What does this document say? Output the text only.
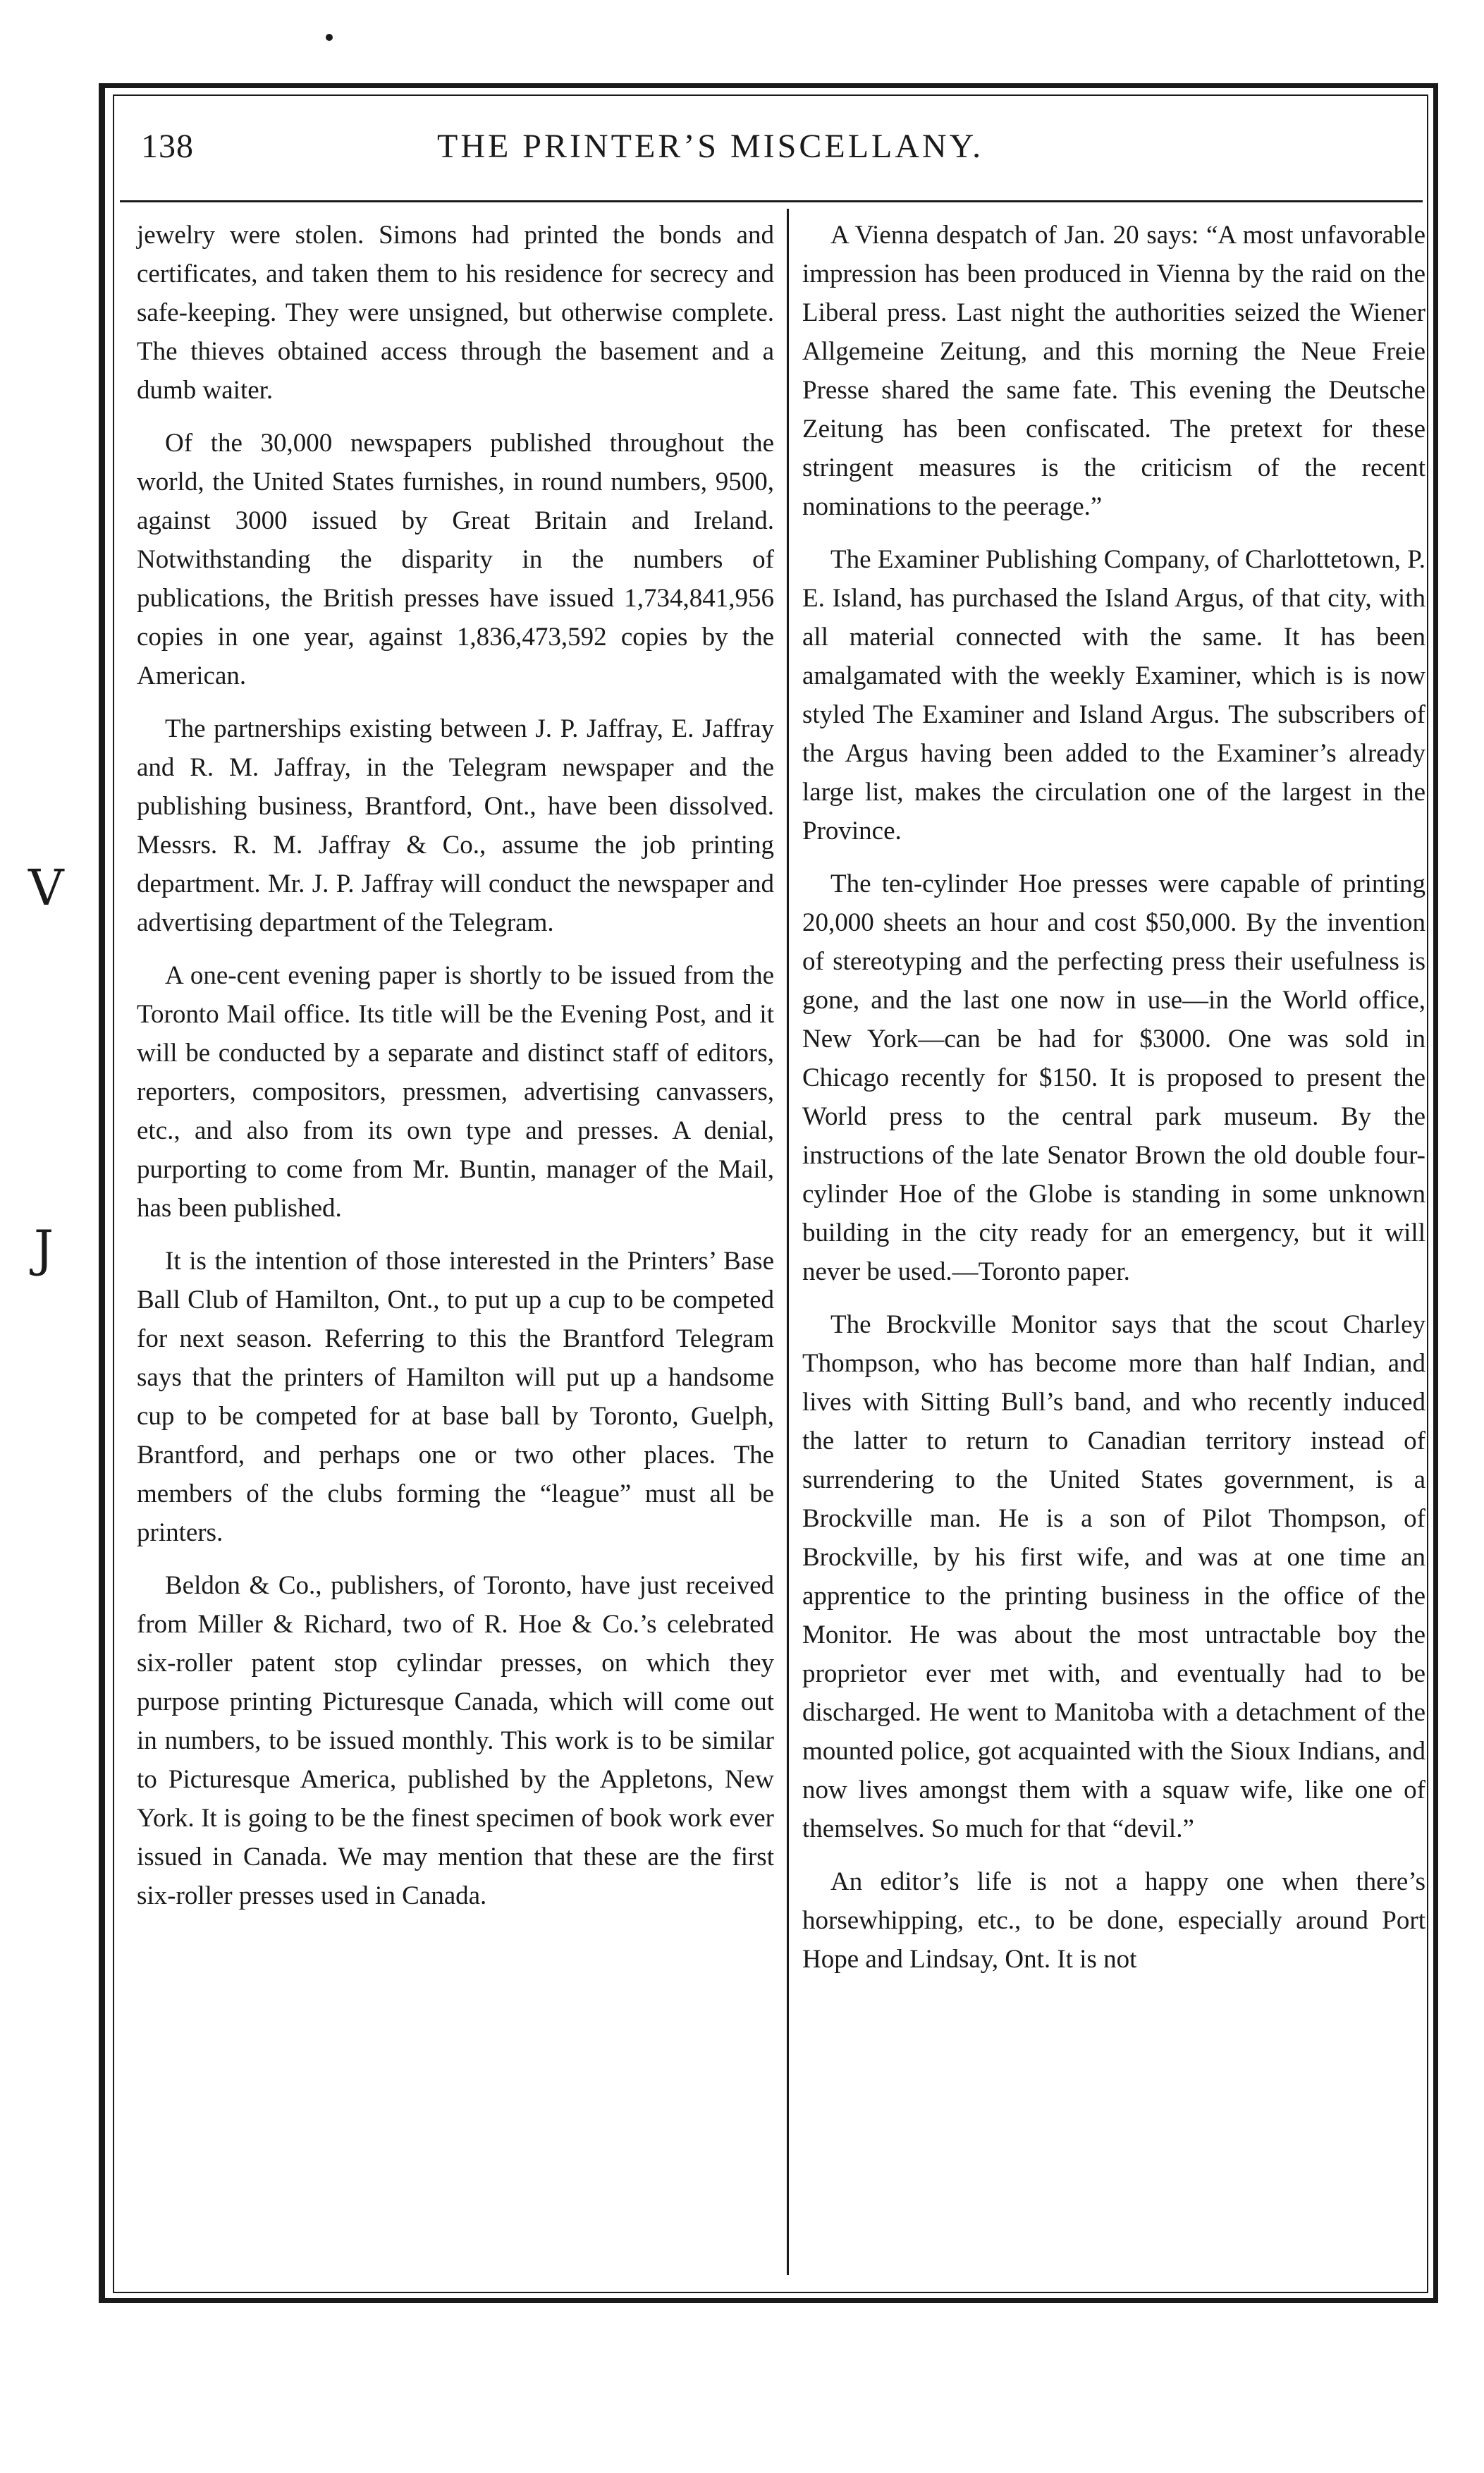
138	THE PRINTER’S MISCELLANY.
V
J

jewelry were stolen. Simons had printed the bonds and certificates, and taken them to his residence for secrecy and safe-keeping. They were unsigned, but otherwise complete. The thieves obtained access through the basement and a dumb waiter.

Of the 30,000 newspapers published throughout the world, the United States furnishes, in round numbers, 9500, against 3000 issued by Great Britain and Ireland. Notwithstanding the disparity in the numbers of publications, the British presses have issued 1,734,841,956 copies in one year, against 1,836,473,592 copies by the American.

The partnerships existing between J. P. Jaffray, E. Jaffray and R. M. Jaffray, in the Telegram newspaper and the publishing business, Brantford, Ont., have been dissolved. Messrs. R. M. Jaffray & Co., assume the job printing department. Mr. J. P. Jaffray will conduct the newspaper and advertising department of the Telegram.

A one-cent evening paper is shortly to be issued from the Toronto Mail office. Its title will be the Evening Post, and it will be conducted by a separate and distinct staff of editors, reporters, compositors, pressmen, advertising canvassers, etc., and also from its own type and presses. A denial, purporting to come from Mr. Buntin, manager of the Mail, has been published.

It is the intention of those interested in the Printers’ Base Ball Club of Hamilton, Ont., to put up a cup to be competed for next season. Referring to this the Brantford Telegram says that the printers of Hamilton will put up a handsome cup to be competed for at base ball by Toronto, Guelph, Brantford, and perhaps one or two other places. The members of the clubs forming the “league” must all be printers.

Beldon & Co., publishers, of Toronto, have just received from Miller & Richard, two of R. Hoe & Co.’s celebrated six-roller patent stop cylindar presses, on which they purpose printing Picturesque Canada, which will come out in numbers, to be issued monthly. This work is to be similar to Picturesque America, published by the Appletons, New York. It is going to be the finest specimen of book work ever issued in Canada. We may mention that these are the first six-roller presses used in Canada.

A Vienna despatch of Jan. 20 says: “A most unfavorable impression has been produced in Vienna by the raid on the Liberal press. Last night the authorities seized the Wiener Allgemeine Zeitung, and this morning the Neue Freie Presse shared the same fate. This evening the Deutsche Zeitung has been confiscated. The pretext for these stringent measures is the criticism of the recent nominations to the peerage.”

The Examiner Publishing Company, of Charlottetown, P. E. Island, has purchased the Island Argus, of that city, with all material connected with the same. It has been amalgamated with the weekly Examiner, which is is now styled The Examiner and Island Argus. The subscribers of the Argus having been added to the Examiner’s already large list, makes the circulation one of the largest in the Province.

The ten-cylinder Hoe presses were capable of printing 20,000 sheets an hour and cost $50,000. By the invention of stereotyping and the perfecting press their usefulness is gone, and the last one now in use—in the World office, New York—can be had for $3000. One was sold in Chicago recently for $150. It is proposed to present the World press to the central park museum. By the instructions of the late Senator Brown the old double four-cylinder Hoe of the Globe is standing in some unknown building in the city ready for an emergency, but it will never be used.—Toronto paper.

The Brockville Monitor says that the scout Charley Thompson, who has become more than half Indian, and lives with Sitting Bull’s band, and who recently induced the latter to return to Canadian territory instead of surrendering to the United States government, is a Brockville man. He is a son of Pilot Thompson, of Brockville, by his first wife, and was at one time an apprentice to the printing business in the office of the Monitor. He was about the most untractable boy the proprietor ever met with, and eventually had to be discharged. He went to Manitoba with a detachment of the mounted police, got acquainted with the Sioux Indians, and now lives amongst them with a squaw wife, like one of themselves. So much for that “devil.”

An editor’s life is not a happy one when there’s horsewhipping, etc., to be done, especially around Port Hope and Lindsay, Ont. It is not
